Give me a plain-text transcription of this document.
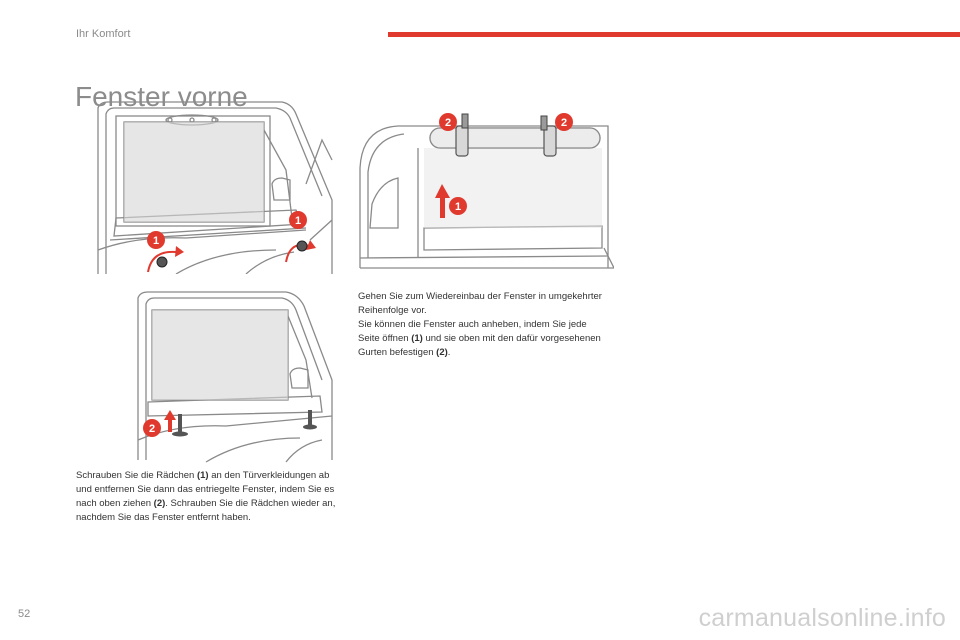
Ihr Komfort
Fenster vorne
1
1
2
1
2	2

Schrauben Sie die Rädchen (1) an den Türverkleidungen ab und entfernen Sie dann das entriegelte Fenster, indem Sie es nach oben ziehen (2). Schrauben Sie die Rädchen wieder an, nachdem Sie das Fenster entfernt haben.

Gehen Sie zum Wiedereinbau der Fenster in umgekehrter Reihenfolge vor.

Sie können die Fenster auch anheben, indem Sie jede Seite öffnen (1) und sie oben mit den dafür vorgesehenen Gurten befestigen (2).

52	carmanualsonline.info
